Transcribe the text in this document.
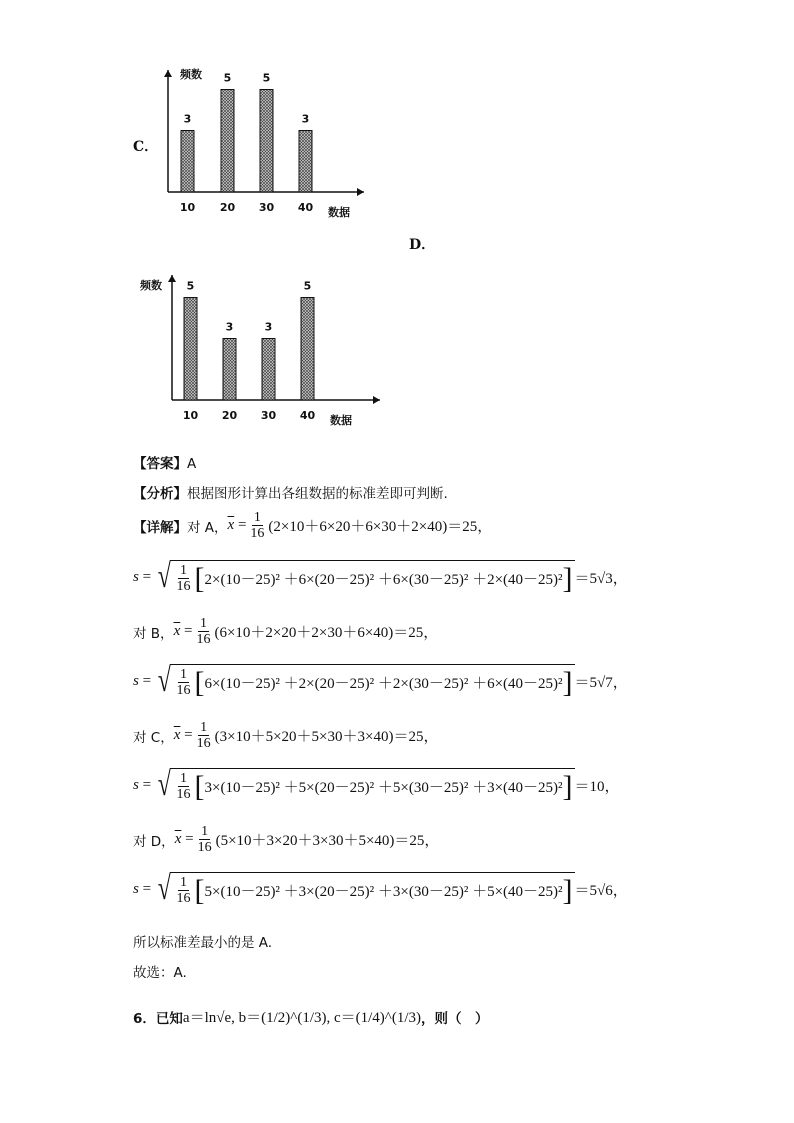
C．
频数
数据
3
10
5
20
5
30
3
40
D．
频数
数据
5
10
3
20
3
30
5
40
【答案】A
【分析】根据图形计算出各组数据的标准差即可判断.
【详解】 对 A， $\overline{x} = \frac{1}{16} (2\times 10+6\times 20+6\times 30+2\times 40)=25$，
s = √ $\frac{1}{16}$ [ 2×(10－25)² ＋6×(20－25)² ＋6×(30－25)² ＋2×(40－25)² ] ＝5√3，
对 B， $\overline{x} = \frac{1}{16} (6\times 10+2\times 20+2\times 30+6\times 40)=25$，
s = √ $\frac{1}{16}$ [ 6×(10－25)² ＋2×(20－25)² ＋2×(30－25)² ＋6×(40－25)² ] ＝5√7，
对 C， $\overline{x} = \frac{1}{16} (3\times 10+5\times 20+5\times 30+3\times 40)=25$，
s = √ $\frac{1}{16}$ [ 3×(10－25)² ＋5×(20－25)² ＋5×(30－25)² ＋3×(40－25)² ] ＝10，
对 D， $\overline{x} = \frac{1}{16} (5\times 10+3\times 20+3\times 30+5\times 40)=25$，
s = √ $\frac{1}{16}$ [ 5×(10－25)² ＋3×(20－25)² ＋3×(30－25)² ＋5×(40－25)² ] ＝5√6，
所以标准差最小的是 A.
故选：A.
6．已知 a＝ln√e, b＝(1/2)^(1/3), c＝(1/4)^(1/3) ，则（　）
